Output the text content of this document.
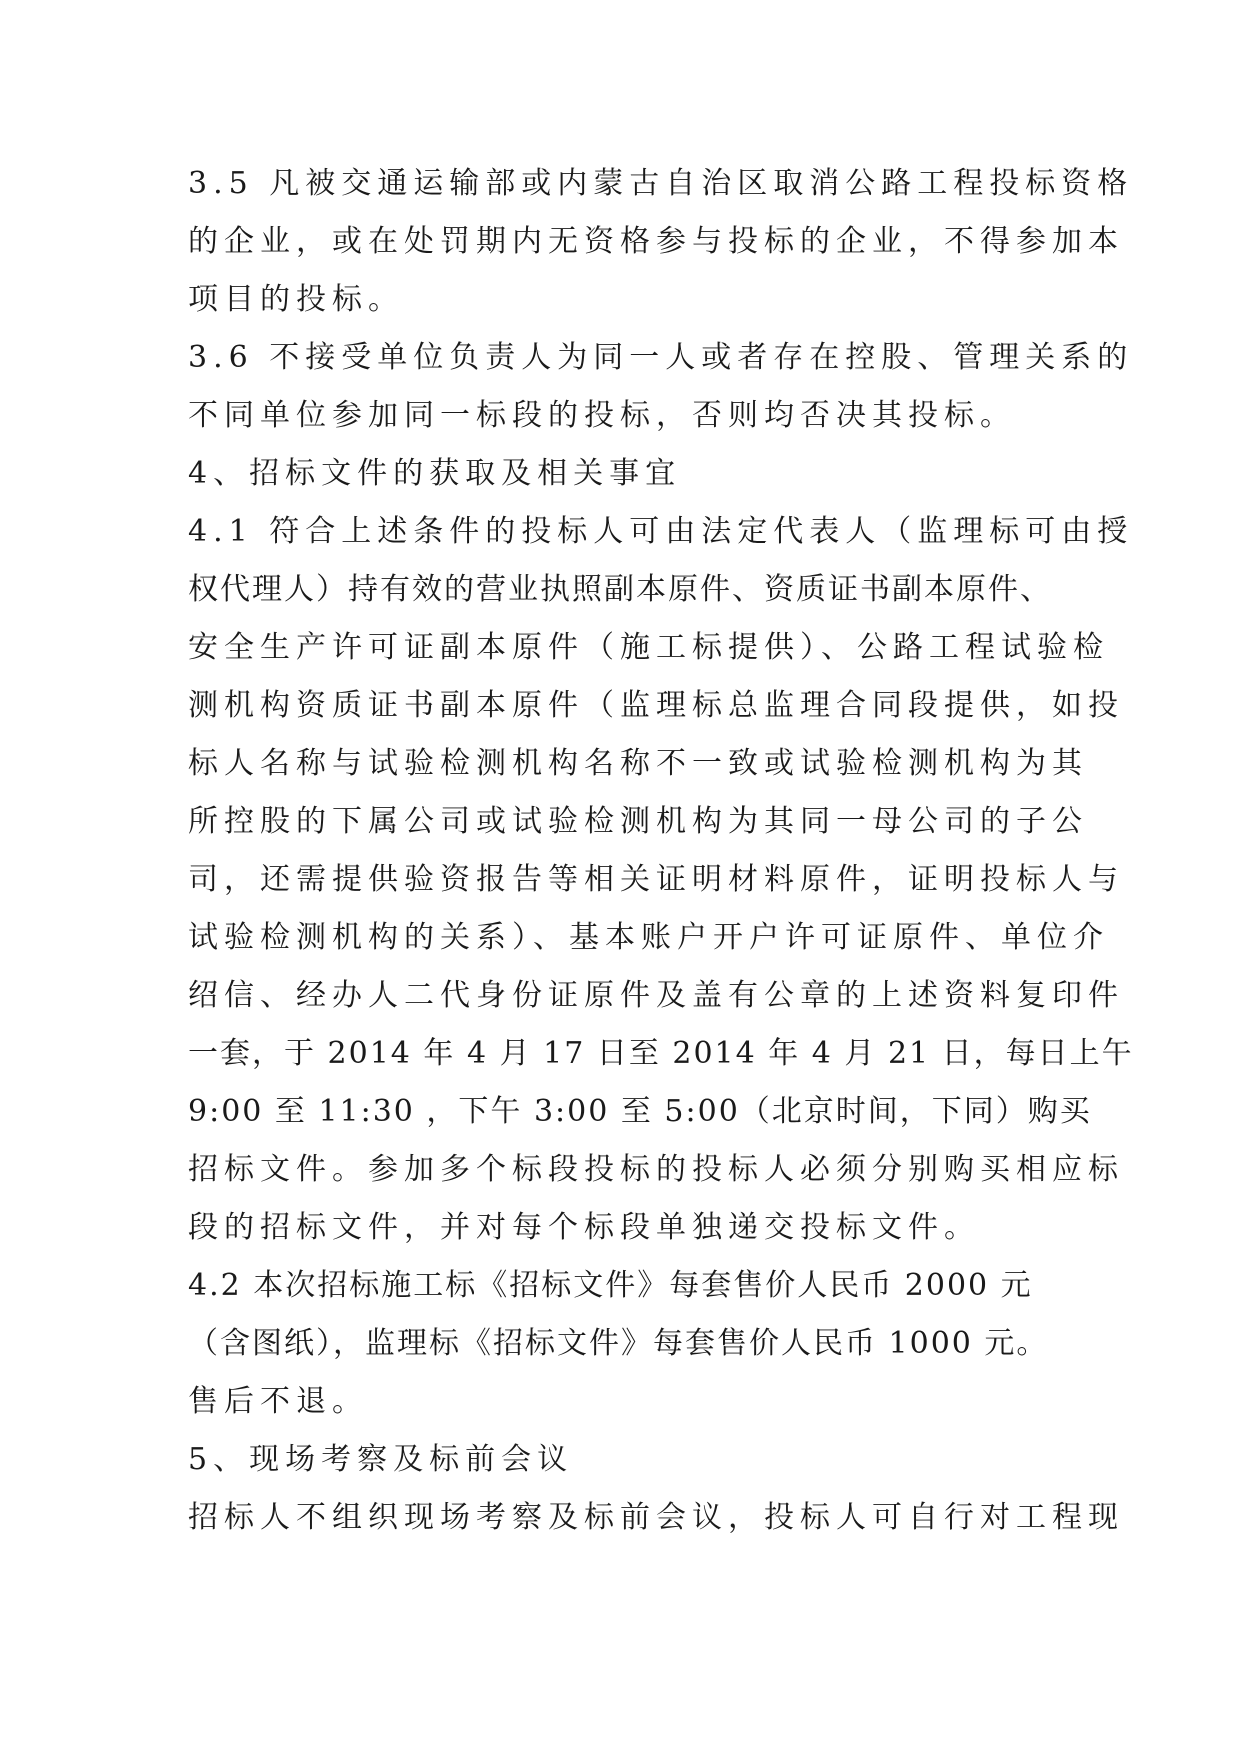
3.5 凡被交通运输部或内蒙古自治区取消公路工程投标资格
的企业，或在处罚期内无资格参与投标的企业，不得参加本
项目的投标。
3.6 不接受单位负责人为同一人或者存在控股、管理关系的
不同单位参加同一标段的投标，否则均否决其投标。
4、招标文件的获取及相关事宜
4.1 符合上述条件的投标人可由法定代表人（监理标可由授
权代理人）持有效的营业执照副本原件、资质证书副本原件、
安全生产许可证副本原件（施工标提供）、公路工程试验检
测机构资质证书副本原件（监理标总监理合同段提供，如投
标人名称与试验检测机构名称不一致或试验检测机构为其
所控股的下属公司或试验检测机构为其同一母公司的子公
司，还需提供验资报告等相关证明材料原件，证明投标人与
试验检测机构的关系）、基本账户开户许可证原件、单位介
绍信、经办人二代身份证原件及盖有公章的上述资料复印件
一套，于 2014 年 4 月 17 日至 2014 年 4 月 21 日，每日上午
9:00 至 11:30 ，下午 3:00 至 5:00（北京时间，下同）购买
招标文件。参加多个标段投标的投标人必须分别购买相应标
段的招标文件，并对每个标段单独递交投标文件。
4.2 本次招标施工标《招标文件》每套售价人民币 2000 元
（含图纸），监理标《招标文件》每套售价人民币 1000 元。
售后不退。
5、现场考察及标前会议
招标人不组织现场考察及标前会议，投标人可自行对工程现
